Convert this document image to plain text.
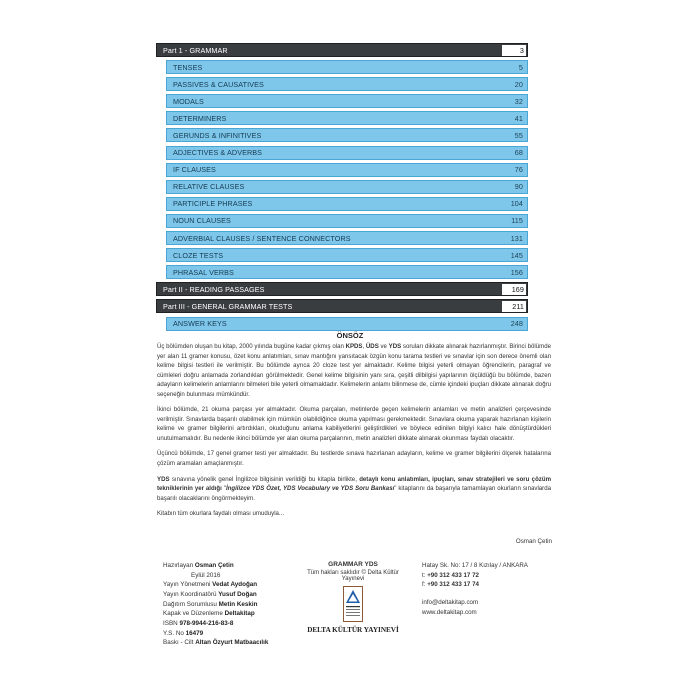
Part 1 - GRAMMAR	3
TENSES	5
PASSIVES & CAUSATIVES	20
MODALS	32
DETERMINERS	41
GERUNDS & INFINITIVES	55
ADJECTIVES & ADVERBS	68
IF CLAUSES	76
RELATIVE CLAUSES	90
PARTICIPLE PHRASES	104
NOUN CLAUSES	115
ADVERBIAL CLAUSES / SENTENCE CONNECTORS	131
CLOZE TESTS	145
PHRASAL VERBS	156
Part II - READING PASSAGES	169
Part III - GENERAL GRAMMAR TESTS	211
ANSWER KEYS	248
ÖNSÖZ

Üç bölümden oluşan bu kitap, 2000 yılında bugüne kadar çıkmış olan KPDS, ÜDS ve YDS soruları dikkate alınarak hazırlanmıştır. Birinci bölümde yer alan 11 gramer konusu, özet konu anlatımları, sınav mantığını yansıtacak özgün konu tarama testleri ve sınavlar için son derece önemli olan kelime bilgisi testleri ile verilmiştir. Bu bölümde ayrıca 20 cloze test yer almaktadır. Kelime bilgisi yeterli olmayan öğrencilerin, paragraf ve cümleleri doğru anlamada zorlandıkları görülmektedir. Genel kelime bilgisinin yanı sıra, çeşitli dilbilgisi yapılarının ölçüldüğü bu bölümde, bazen adayların kelimelerin anlamlarını bilmeleri bile yeterli olmamaktadır. Kelimelerin anlamı bilinmese de, cümle içindeki ipuçları dikkate alınarak doğru seçeneğin bulunması mümkündür.

İkinci bölümde, 21 okuma parçası yer almaktadır. Okuma parçaları, metinlerde geçen kelimelerin anlamları ve metin analizleri çerçevesinde verilmiştir. Sınavlarda başarılı olabilmek için mümkün olabildiğince okuma yapılması gerekmektedir. Sınavlara okuma yaparak hazırlanan kişilerin kelime ve gramer bilgilerini artırdıkları, okuduğunu anlama kabiliyetlerini geliştirdikleri ve böylece edinilen bilgiyi kalıcı hale dönüştürdükleri unutulmamalıdır. Bu nedenle ikinci bölümde yer alan okuma parçalarının, metin analizleri dikkate alınarak okunması faydalı olacaktır.

Üçüncü bölümde, 17 genel gramer testi yer almaktadır. Bu testlerde sınava hazırlanan adayların, kelime ve gramer bilgilerini ölçerek hatalarına çözüm aramaları amaçlanmıştır.

YDS sınavına yönelik genel İngilizce bilgisinin verildiği bu kitapla birlikte, detaylı konu anlatımları, ipuçları, sınav stratejileri ve soru çözüm tekniklerinin yer aldığı "İngilizce YDS Özet, YDS Vocabulary ve YDS Soru Bankası" kitaplarını da başarıyla tamamlayan okurların sınavlarda başarılı olacaklarını öngörmekteyim.

Kitabın tüm okurlara faydalı olması umuduyla...

Osman Çetin
Hazırlayan Osman Çetin
Eylül 2016
Yayın Yönetmeni Vedat Aydoğan
Yayın Koordinatörü Yusuf Doğan
Dağıtım Sorumlusu Metin Keskin
Kapak ve Düzenleme Deltakitap
ISBN 978-9944-216-83-8
Y.S. No 16479
Baskı - Cilt Altan Özyurt Matbaacılık
GRAMMAR YDS
Tüm hakları saklıdır © Delta Kültür Yayınevi
DELTA KÜLTÜR YAYINEVİ
Hatay Sk. No: 17 / 8 Kızılay / ANKARA
t: +90 312 433 17 72
f: +90 312 433 17 74
info@deltakitap.com
www.deltakitap.com
